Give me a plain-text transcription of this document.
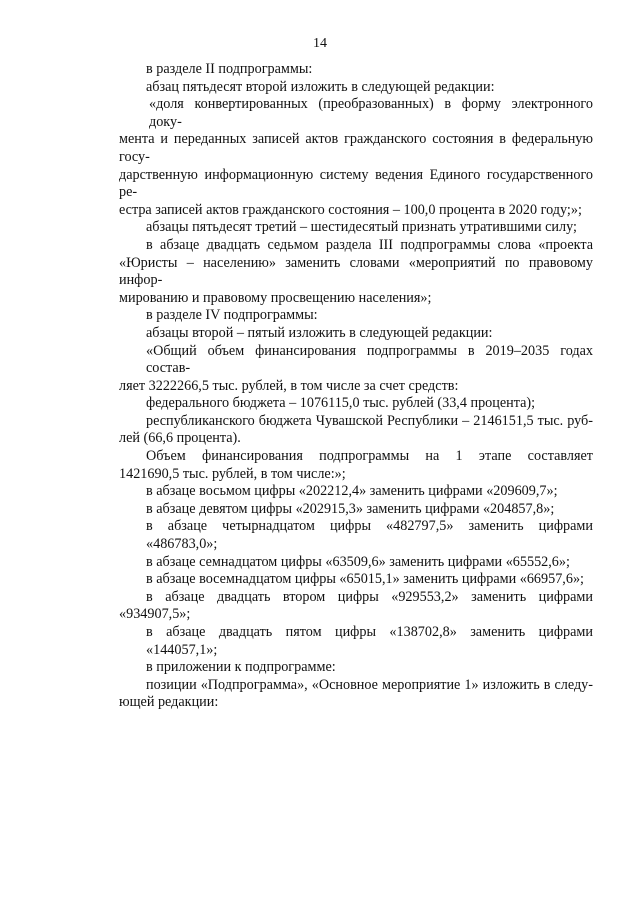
14
в разделе II подпрограммы:
абзац пятьдесят второй изложить в следующей редакции:
«доля конвертированных (преобразованных) в форму электронного доку-
мента и переданных записей актов гражданского состояния в федеральную госу-
дарственную информационную систему ведения Единого государственного ре-
естра записей актов гражданского состояния – 100,0 процента в 2020 году;»;
абзацы пятьдесят третий – шестидесятый признать утратившими силу;
в абзаце двадцать седьмом раздела III подпрограммы слова «проекта
«Юристы – населению» заменить словами «мероприятий по правовому инфор-
мированию и правовому просвещению населения»;
в разделе IV подпрограммы:
абзацы второй – пятый изложить в следующей редакции:
«Общий объем финансирования подпрограммы в 2019–2035 годах состав-
ляет 3222266,5 тыс. рублей, в том числе за счет средств:
федерального бюджета – 1076115,0 тыс. рублей (33,4 процента);
республиканского бюджета Чувашской Республики – 2146151,5 тыс. руб-
лей (66,6 процента).
Объем финансирования подпрограммы на 1 этапе составляет
1421690,5 тыс. рублей, в том числе:»;
в абзаце восьмом цифры «202212,4» заменить цифрами «209609,7»;
в абзаце девятом цифры «202915,3» заменить цифрами «204857,8»;
в абзаце четырнадцатом цифры «482797,5» заменить цифрами «486783,0»;
в абзаце семнадцатом цифры «63509,6» заменить цифрами «65552,6»;
в абзаце восемнадцатом цифры «65015,1» заменить цифрами «66957,6»;
в абзаце двадцать втором цифры «929553,2» заменить цифрами
«934907,5»;
в абзаце двадцать пятом цифры «138702,8» заменить цифрами «144057,1»;
в приложении к подпрограмме:
позиции «Подпрограмма», «Основное мероприятие 1» изложить в следу-
ющей редакции:
